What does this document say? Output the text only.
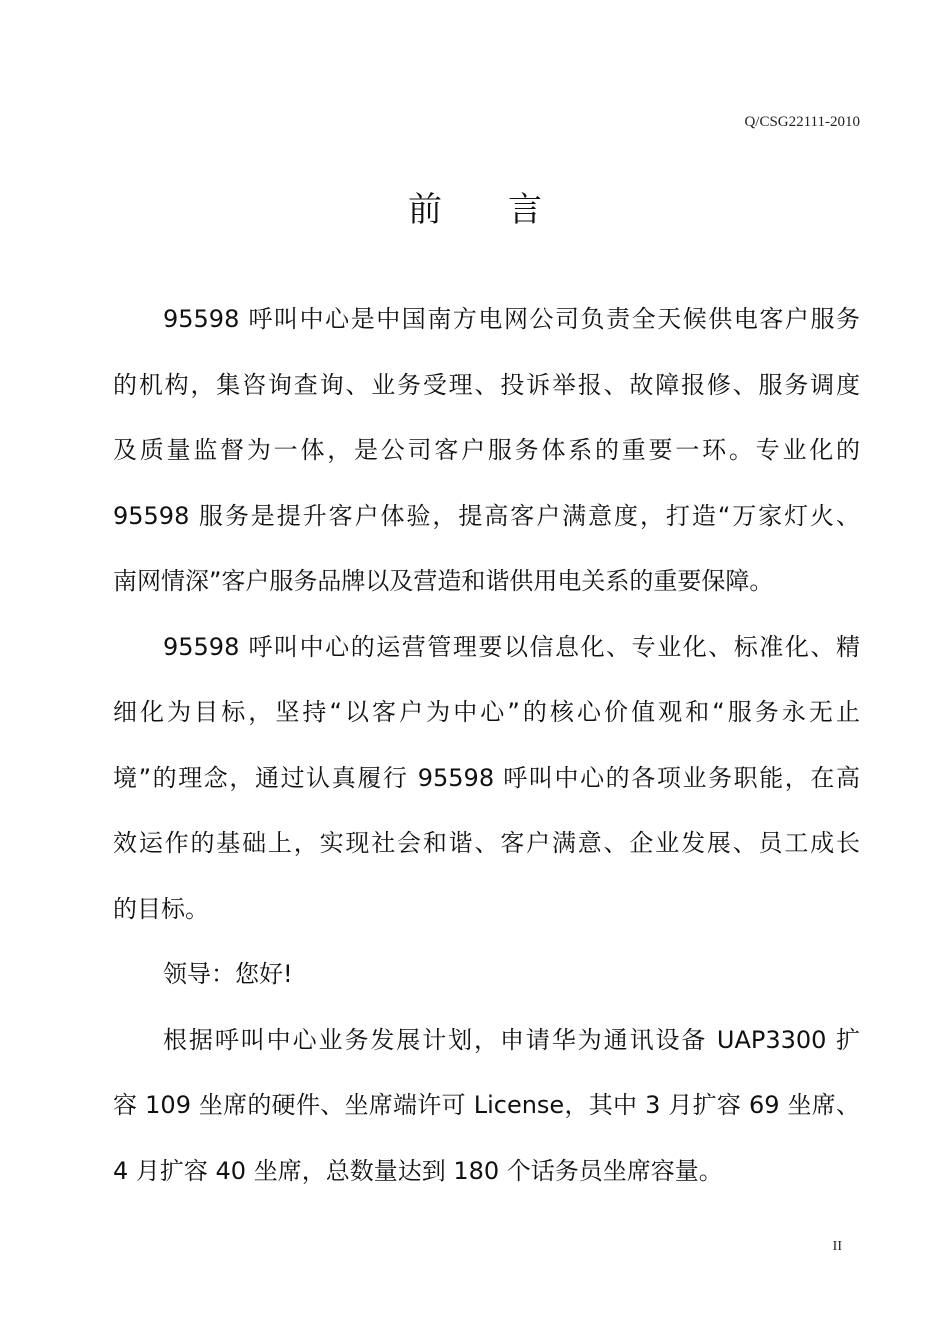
Q/CSG22111-2010
前言
95598 呼叫中心是中国南方电网公司负责全天候供电客户服务
的机构，集咨询查询、业务受理、投诉举报、故障报修、服务调度
及质量监督为一体，是公司客户服务体系的重要一环。专业化的
95598 服务是提升客户体验，提高客户满意度，打造“万家灯火、
南网情深”客户服务品牌以及营造和谐供用电关系的重要保障。
95598 呼叫中心的运营管理要以信息化、专业化、标准化、精
细化为目标，坚持“以客户为中心”的核心价值观和“服务永无止
境”的理念，通过认真履行 95598 呼叫中心的各项业务职能，在高
效运作的基础上，实现社会和谐、客户满意、企业发展、员工成长
的目标。
领导：您好!
根据呼叫中心业务发展计划，申请华为通讯设备 UAP3300 扩
容 109 坐席的硬件、坐席端许可 License，其中 3 月扩容 69 坐席、
4 月扩容 40 坐席，总数量达到 180 个话务员坐席容量。
II
